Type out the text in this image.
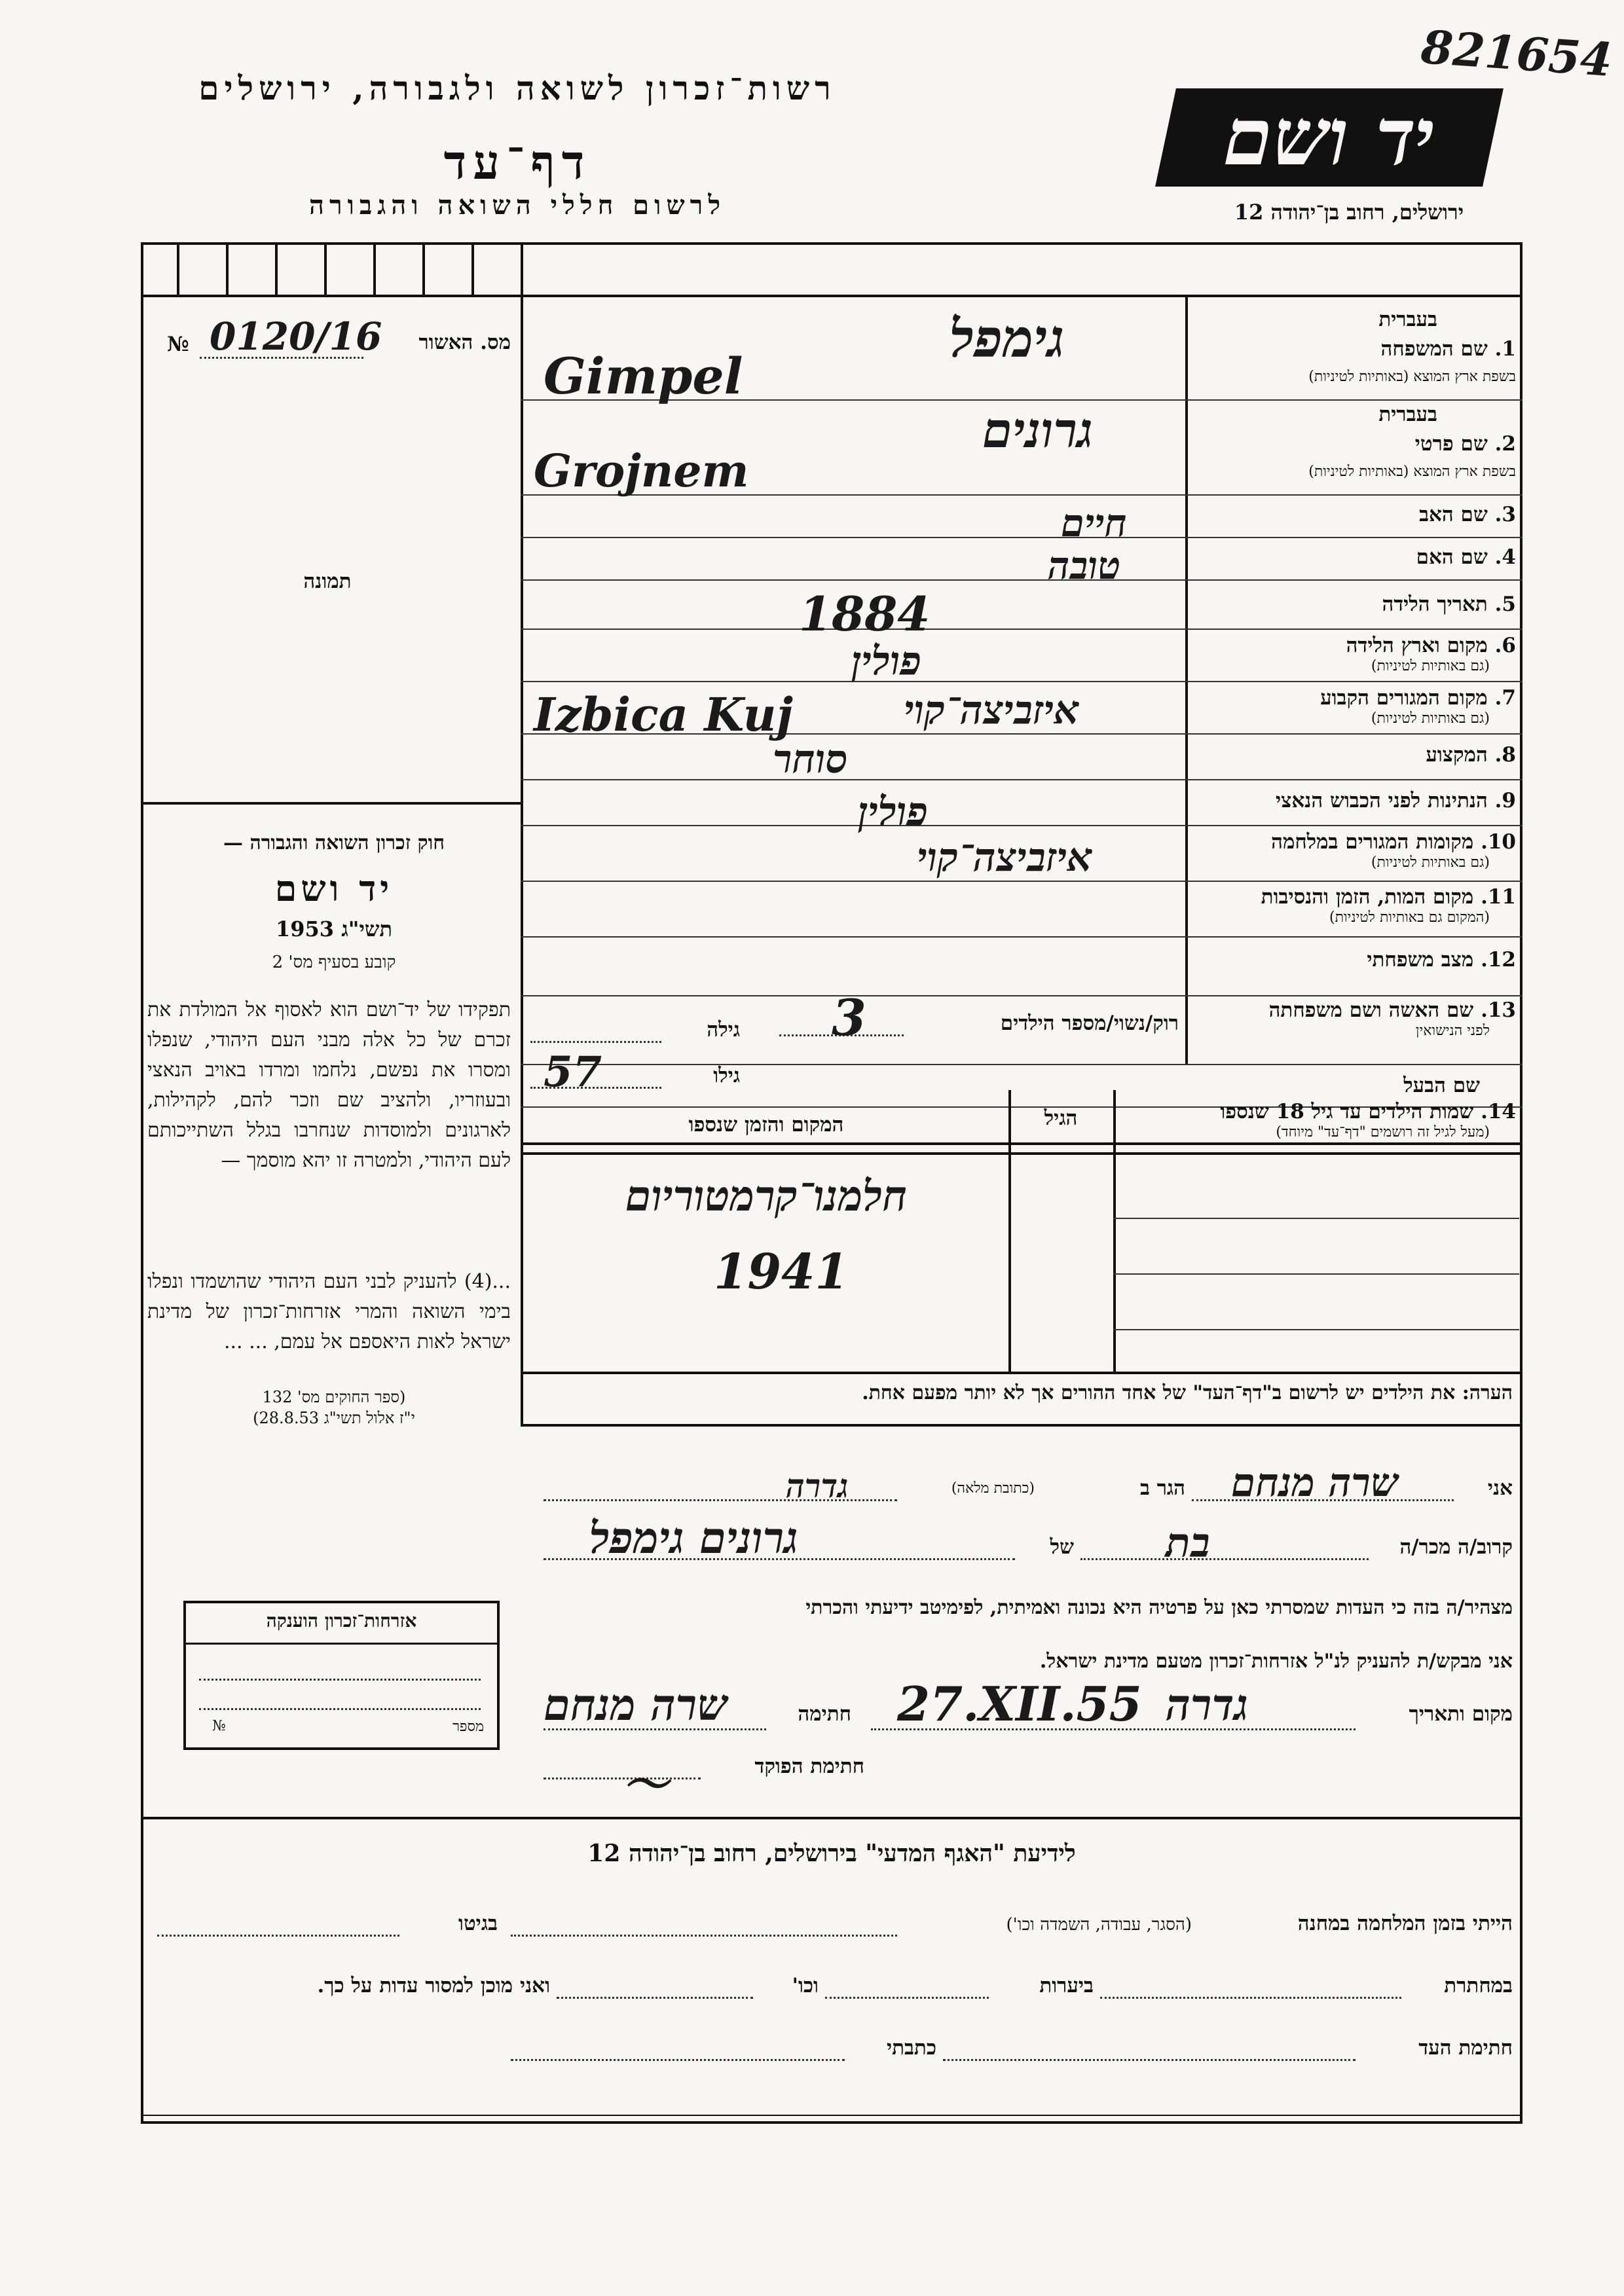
רשות־זכרון לשואה ולגבורה, ירושלים
דף־עד
לרשום חללי השואה והגבורה
יד ושם
821654
ירושלים, רחוב בן־יהודה 12
מס. האשור
№ 0120/16
תמונה
בעברית
1. שם המשפחה
בשפת ארץ המוצא (באותיות לטיניות)
בעברית
2. שם פרטי
בשפת ארץ המוצא (באותיות לטיניות)
3. שם האב
4. שם האם
5. תאריך הלידה
6. מקום וארץ הלידה
(גם באותיות לטיניות)
7. מקום המגורים הקבוע
(גם באותיות לטיניות)
8. המקצוע
9. הנתינות לפני הכבוש הנאצי
10. מקומות המגורים במלחמה
(גם באותיות לטיניות)
11. מקום המות, הזמן והנסיבות
(המקום גם באותיות לטיניות)
12. מצב משפחתי
13. שם האשה ושם משפחתה
לפני הנישואין
שם הבעל
גימפל
Gimpel
גרונים
Grojnem
חיים
טובה
1884
פולין
איזביצה־קוי
Izbica Kuj
סוחר
פולין
איזביצה־קוי
רוק/נשוי/מספר הילדים
3
גילה
גילו
57
14. שמות הילדים עד גיל 18 שנספו
(מעל לגיל זה רושמים "דף־עד" מיוחד)
הגיל
המקום והזמן שנספו
חלמנו־קרמטוריום
1941
הערה: את הילדים יש לרשום ב"דף־העד" של אחד ההורים אך לא יותר מפעם אחת.
חוק זכרון השואה והגבורה —
יד ושם
תשי"ג 1953
קובע בסעיף מס' 2
תפקידו של יד־ושם הוא לאסוף אל המולדת את זכרם של כל אלה מבני העם היהודי, שנפלו ומסרו את נפשם, נלחמו ומרדו באויב הנאצי ובעוזריו, ולהציב שם וזכר להם, לקהילות, לארגונים ולמוסדות שנחרבו בגלל השתייכותם לעם היהודי, ולמטרה זו יהא מוסמך —
...(4) להעניק לבני העם היהודי שהושמדו ונפלו בימי השואה והמרי אזרחות־זכרון של מדינת ישראל לאות היאספם אל עמם, ... ...
(ספר החוקים מס' 132
י"ז אלול תשי"ג 28.8.53)
אזרחות־זכרון הוענקה
מספר
№
אני
שרה מנחם
הגר ב
(כתובת מלאה)
גדרה
קרוב/ה מכר/ה
בת
של
גרונים גימפל
מצהיר/ה בזה כי העדות שמסרתי כאן על פרטיה היא נכונה ואמיתית, לפימיטב ידיעתי והכרתי
אני מבקש/ת להעניק לנ"ל אזרחות־זכרון מטעם מדינת ישראל.
מקום ותאריך
גדרה
27.XII.55
חתימה
שרה מנחם
חתימת הפוקד
〜
לידיעת "האגף המדעי" בירושלים, רחוב בן־יהודה 12
הייתי בזמן המלחמה במחנה
(הסגר, עבודה, השמדה וכו')
בגיטו
במחתרת
ביערות
וכו'
ואני מוכן למסור עדות על כך.
חתימת העד
כתבתי
